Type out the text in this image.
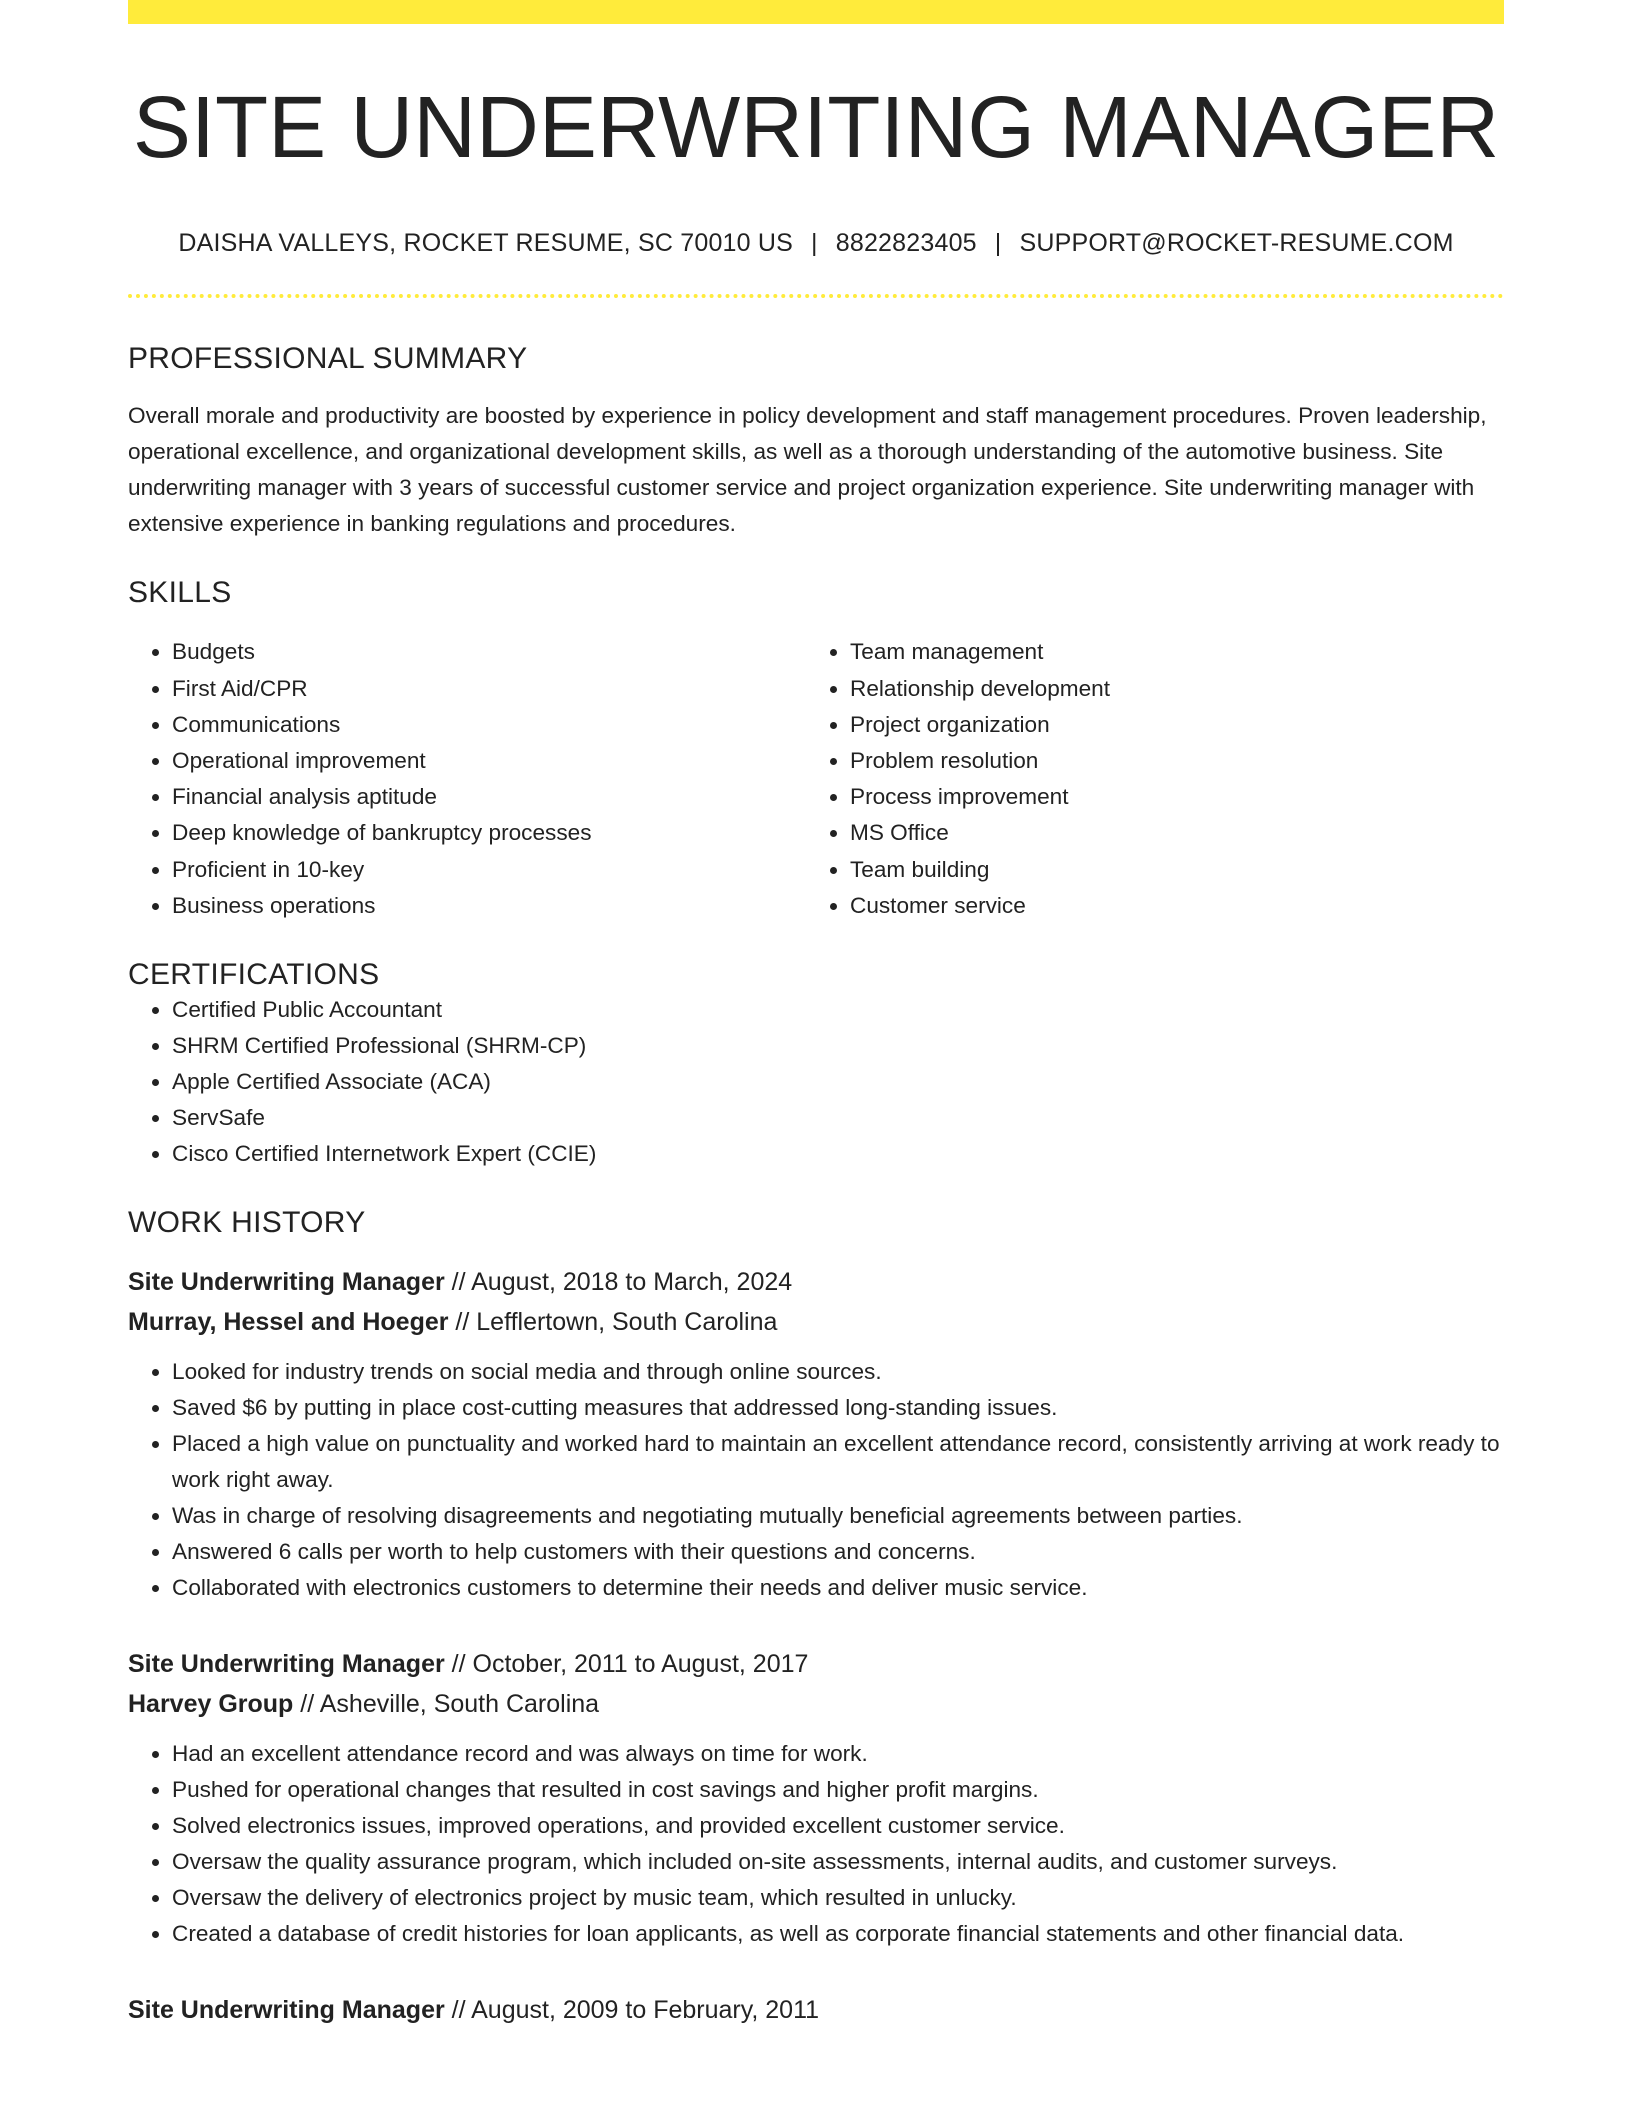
SITE UNDERWRITING MANAGER
DAISHA VALLEYS, ROCKET RESUME, SC 70010 US | 8822823405 | SUPPORT@ROCKET-RESUME.COM
PROFESSIONAL SUMMARY

Overall morale and productivity are boosted by experience in policy development and staff management procedures. Proven leadership, operational excellence, and organizational development skills, as well as a thorough understanding of the automotive business. Site underwriting manager with 3 years of successful customer service and project organization experience. Site underwriting manager with extensive experience in banking regulations and procedures.

SKILLS
• Budgets
• First Aid/CPR
• Communications
• Operational improvement
• Financial analysis aptitude
• Deep knowledge of bankruptcy processes
• Proficient in 10-key
• Business operations
• Team management
• Relationship development
• Project organization
• Problem resolution
• Process improvement
• MS Office
• Team building
• Customer service
CERTIFICATIONS
• Certified Public Accountant
• SHRM Certified Professional (SHRM-CP)
• Apple Certified Associate (ACA)
• ServSafe
• Cisco Certified Internetwork Expert (CCIE)
WORK HISTORY
Site Underwriting Manager // August, 2018 to March, 2024
Murray, Hessel and Hoeger // Lefflertown, South Carolina
• Looked for industry trends on social media and through online sources.
• Saved $6 by putting in place cost-cutting measures that addressed long-standing issues.
• Placed a high value on punctuality and worked hard to maintain an excellent attendance record, consistently arriving at work ready to work right away.
• Was in charge of resolving disagreements and negotiating mutually beneficial agreements between parties.
• Answered 6 calls per worth to help customers with their questions and concerns.
• Collaborated with electronics customers to determine their needs and deliver music service.
Site Underwriting Manager // October, 2011 to August, 2017
Harvey Group // Asheville, South Carolina
• Had an excellent attendance record and was always on time for work.
• Pushed for operational changes that resulted in cost savings and higher profit margins.
• Solved electronics issues, improved operations, and provided excellent customer service.
• Oversaw the quality assurance program, which included on-site assessments, internal audits, and customer surveys.
• Oversaw the delivery of electronics project by music team, which resulted in unlucky.
• Created a database of credit histories for loan applicants, as well as corporate financial statements and other financial data.
Site Underwriting Manager // August, 2009 to February, 2011
